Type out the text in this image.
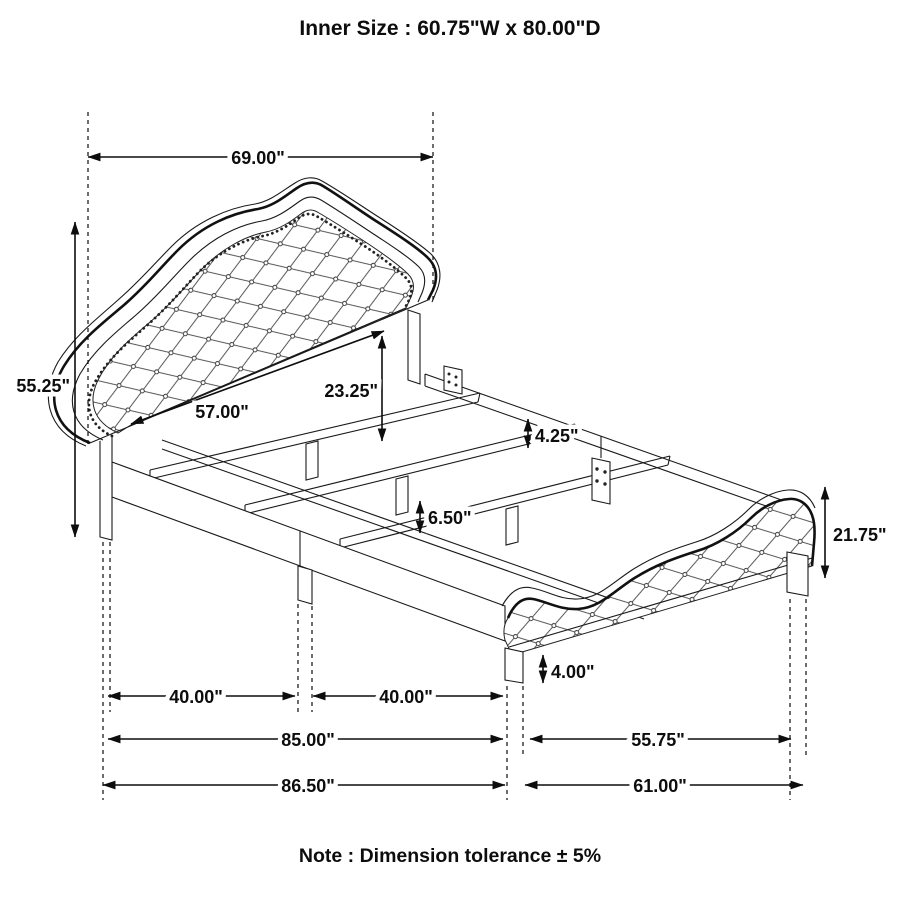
69.00"
55.25"
57.00"
23.25"
4.25"
6.50"
21.75"
4.00"
40.00"	40.00"
85.00"	55.75"
86.50"	61.00"
Inner Size : 60.75"W x 80.00"D
Note : Dimension tolerance ± 5%
